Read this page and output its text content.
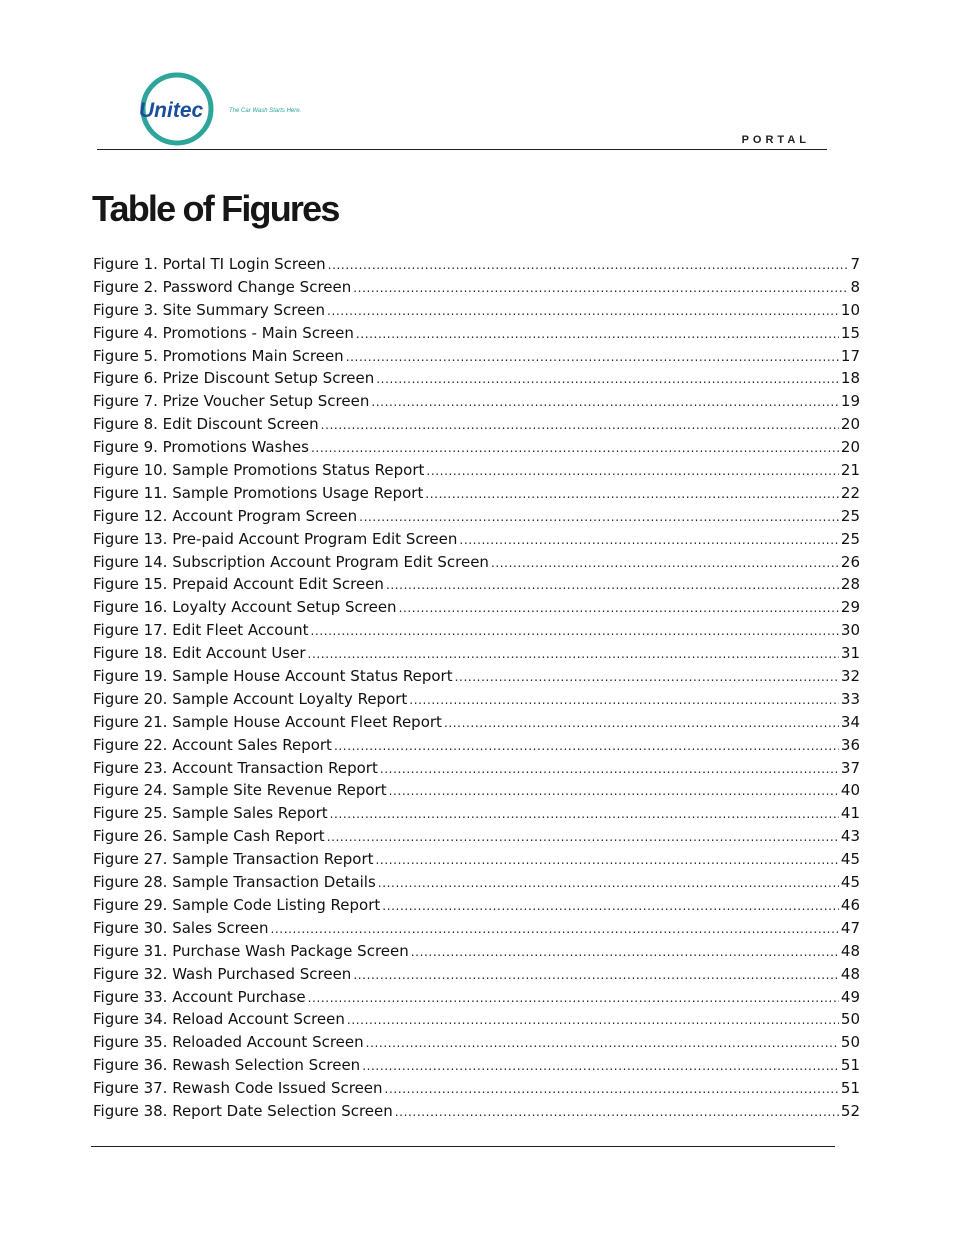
Unitec	The Car Wash Starts Here.
PORTAL
Table of Figures
Figure 1. Portal TI Login Screen .....	7
Figure 2. Password Change Screen .....	8
Figure 3. Site Summary Screen .....	10
Figure 4. Promotions - Main Screen .....	15
Figure 5. Promotions Main Screen .....	17
Figure 6. Prize Discount Setup Screen .....	18
Figure 7. Prize Voucher Setup Screen .....	19
Figure 8. Edit Discount Screen .....	20
Figure 9. Promotions Washes .....	20
Figure 10. Sample Promotions Status Report .....	21
Figure 11. Sample Promotions Usage Report .....	22
Figure 12. Account Program Screen .....	25
Figure 13. Pre-paid Account Program Edit Screen .....	25
Figure 14. Subscription Account Program Edit Screen .....	26
Figure 15. Prepaid Account Edit Screen .....	28
Figure 16. Loyalty Account Setup Screen .....	29
Figure 17. Edit Fleet Account .....	30
Figure 18. Edit Account User .....	31
Figure 19. Sample House Account Status Report .....	32
Figure 20. Sample Account Loyalty Report .....	33
Figure 21. Sample House Account Fleet Report .....	34
Figure 22. Account Sales Report .....	36
Figure 23. Account Transaction Report .....	37
Figure 24. Sample Site Revenue Report .....	40
Figure 25. Sample Sales Report .....	41
Figure 26. Sample Cash Report .....	43
Figure 27. Sample Transaction Report .....	45
Figure 28. Sample Transaction Details .....	45
Figure 29. Sample Code Listing Report .....	46
Figure 30. Sales Screen .....	47
Figure 31. Purchase Wash Package Screen .....	48
Figure 32. Wash Purchased Screen .....	48
Figure 33. Account Purchase .....	49
Figure 34. Reload Account Screen .....	50
Figure 35. Reloaded Account Screen .....	50
Figure 36. Rewash Selection Screen .....	51
Figure 37. Rewash Code Issued Screen .....	51
Figure 38. Report Date Selection Screen .....	52
